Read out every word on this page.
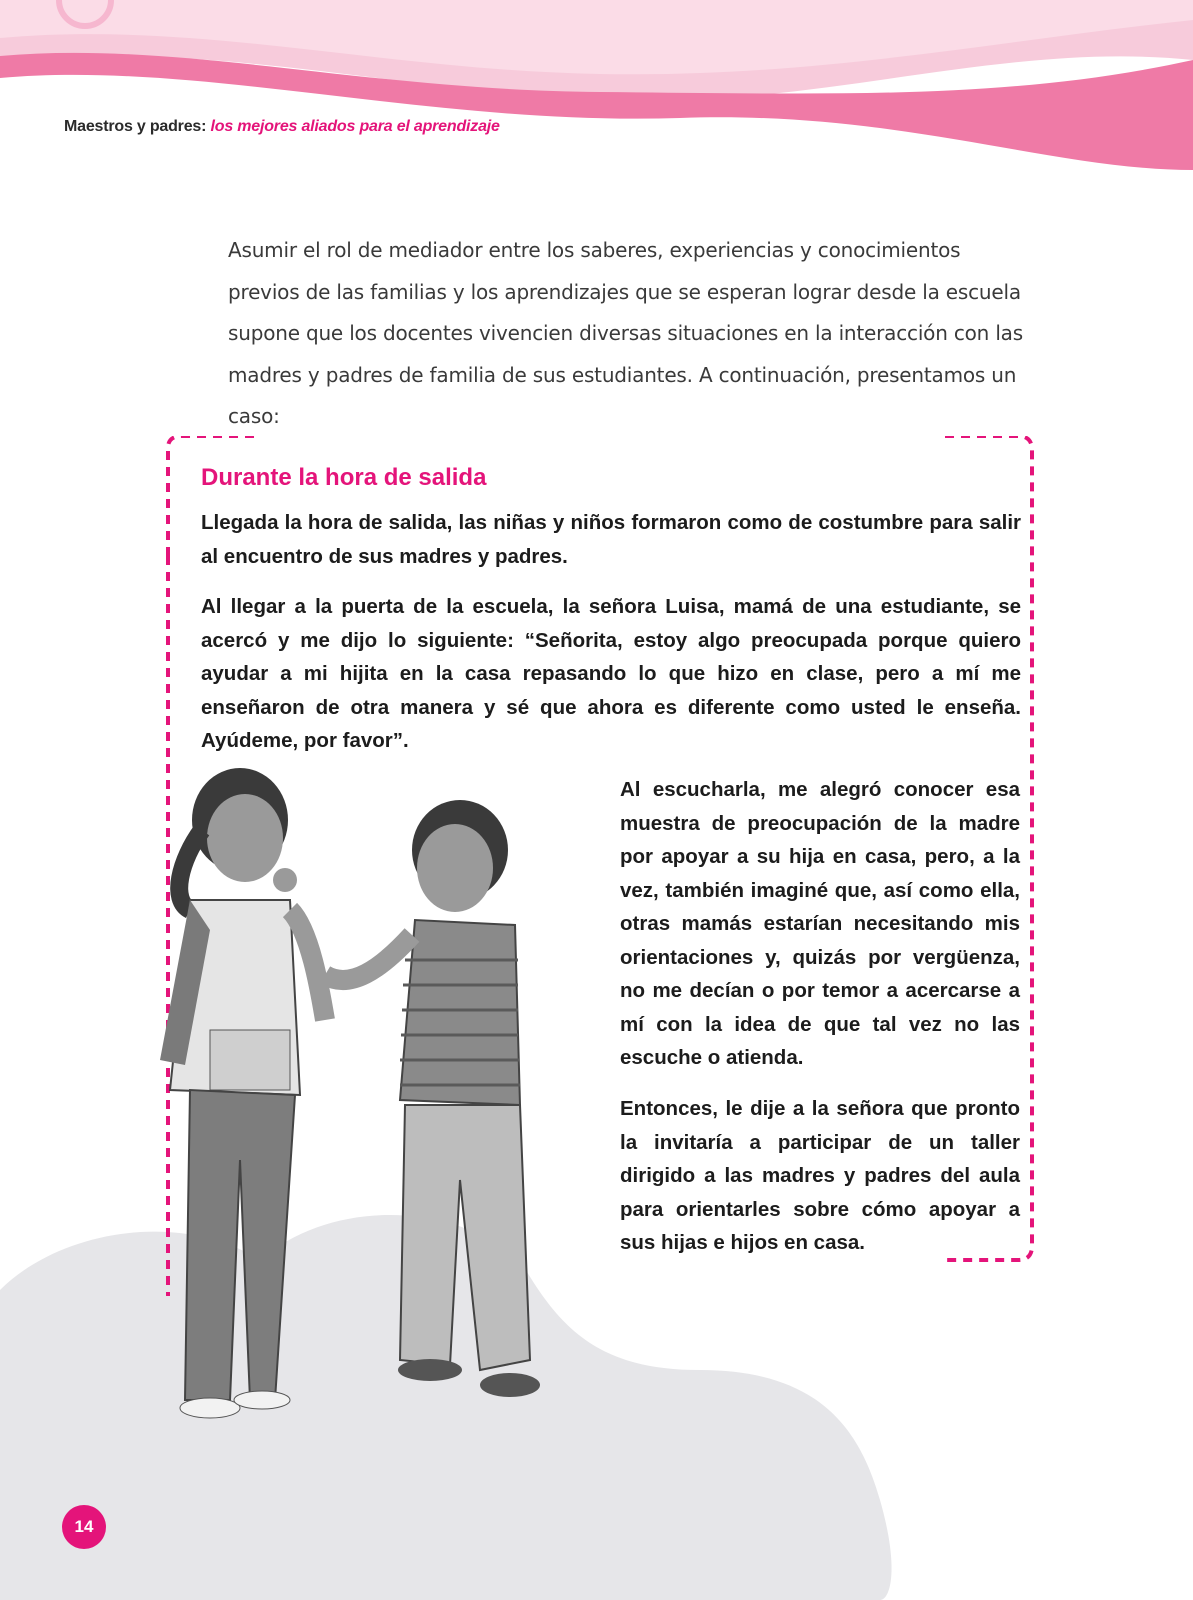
Maestros y padres: los mejores aliados para el aprendizaje

Asumir el rol de mediador entre los saberes, experiencias y conocimientos previos de las familias y los aprendizajes que se esperan lograr desde la escuela supone que los docentes vivencien diversas situaciones en la interacción con las madres y padres de familia de sus estudiantes. A continuación, presentamos un caso:

Durante la hora de salida

Llegada la hora de salida, las niñas y niños formaron como de costumbre para salir al encuentro de sus madres y padres.

Al llegar a la puerta de la escuela, la señora Luisa, mamá de una estudiante, se acercó y me dijo lo siguiente: “Señorita, estoy algo preocupada porque quiero ayudar a mi hijita en la casa repasando lo que hizo en clase, pero a mí me enseñaron de otra manera y sé que ahora es diferente como usted le enseña. Ayúdeme, por favor”.

Al escucharla, me alegró conocer esa muestra de preocupación de la madre por apoyar a su hija en casa, pero, a la vez, también imaginé que, así como ella, otras mamás estarían necesitando mis orientaciones y, quizás por vergüenza, no me decían o por temor a acercarse a mí con la idea de que tal vez no las escuche o atienda.

Entonces, le dije a la señora que pronto la invitaría a participar de un taller dirigido a las madres y padres del aula para orientarles sobre cómo apoyar a sus hijas e hijos en casa.

14
